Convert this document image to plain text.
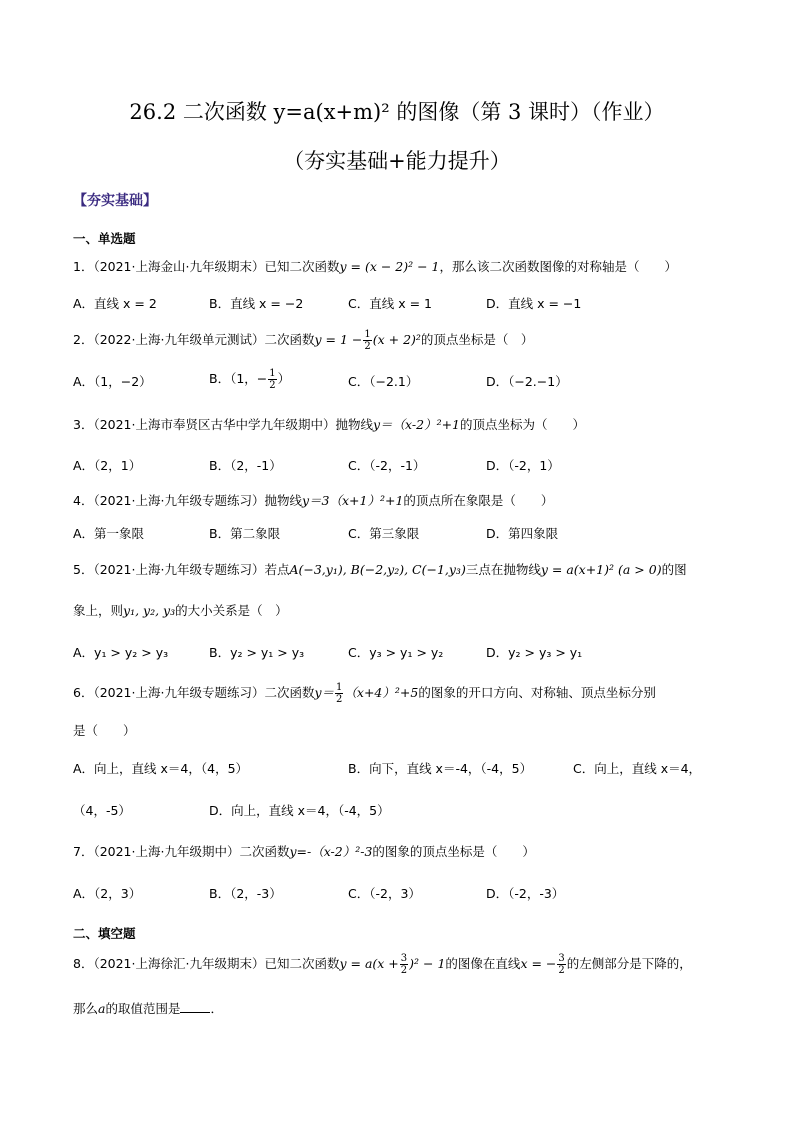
26.2 二次函数 y=a(x+m)² 的图像（第 3 课时）（作业）
（夯实基础+能力提升）
【夯实基础】
一、单选题
1．（2021·上海金山·九年级期末）已知二次函数y = (x − 2)² − 1，那么该二次函数图像的对称轴是（　　）
A．直线 x = 2	B．直线 x = −2	C．直线 x = 1	D．直线 x = −1
2．（2022·上海·九年级单元测试）二次函数$y = 1 - \frac{1}{2} (x + 2)^2$的顶点坐标是（　）
A．（1，−2）	B．（1，− $\frac{1}{2}$ ）	C．（−2.1）	D．（−2.−1）
3．（2021·上海市奉贤区古华中学九年级期中）抛物线y＝（x-2）²+1的顶点坐标为（　　）
A．（2，1）	B．（2，-1）	C．（-2，-1）	D．（-2，1）
4．（2021·上海·九年级专题练习）抛物线y＝3（x+1）²+1的顶点所在象限是（　　）
A．第一象限	B．第二象限	C．第三象限	D．第四象限
5．（2021·上海·九年级专题练习）若点A(−3,y₁), B(−2,y₂), C(−1,y₃)三点在抛物线y = a(x+1)² (a > 0)的图
象上，则y₁, y₂, y₃的大小关系是（　）
A．y₁ > y₂ > y₃	B．y₂ > y₁ > y₃	C．y₃ > y₁ > y₂	D．y₂ > y₃ > y₁
6．（2021·上海·九年级专题练习）二次函数$y= \frac{1}{2} (x+4)^2+5$的图象的开口方向、对称轴、顶点坐标分别
是（　　）
A．向上，直线 x＝4，（4，5）	B．向下，直线 x＝-4，（-4，5）	C．向上，直线 x＝4，
（4，-5）	D．向上，直线 x＝4，（-4，5）
7．（2021·上海·九年级期中）二次函数y=-（x-2）²-3的图象的顶点坐标是（　　）
A．（2，3）	B．（2，-3）	C．（-2，3）	D．（-2，-3）
二、填空题
8．（2021·上海徐汇·九年级期末）已知二次函数$y = a(x + \frac{3}{2} )^2 - 1$的图像在直线x = − $\frac{3}{2}$ 的左侧部分是下降的，
那么a的取值范围是 ．
